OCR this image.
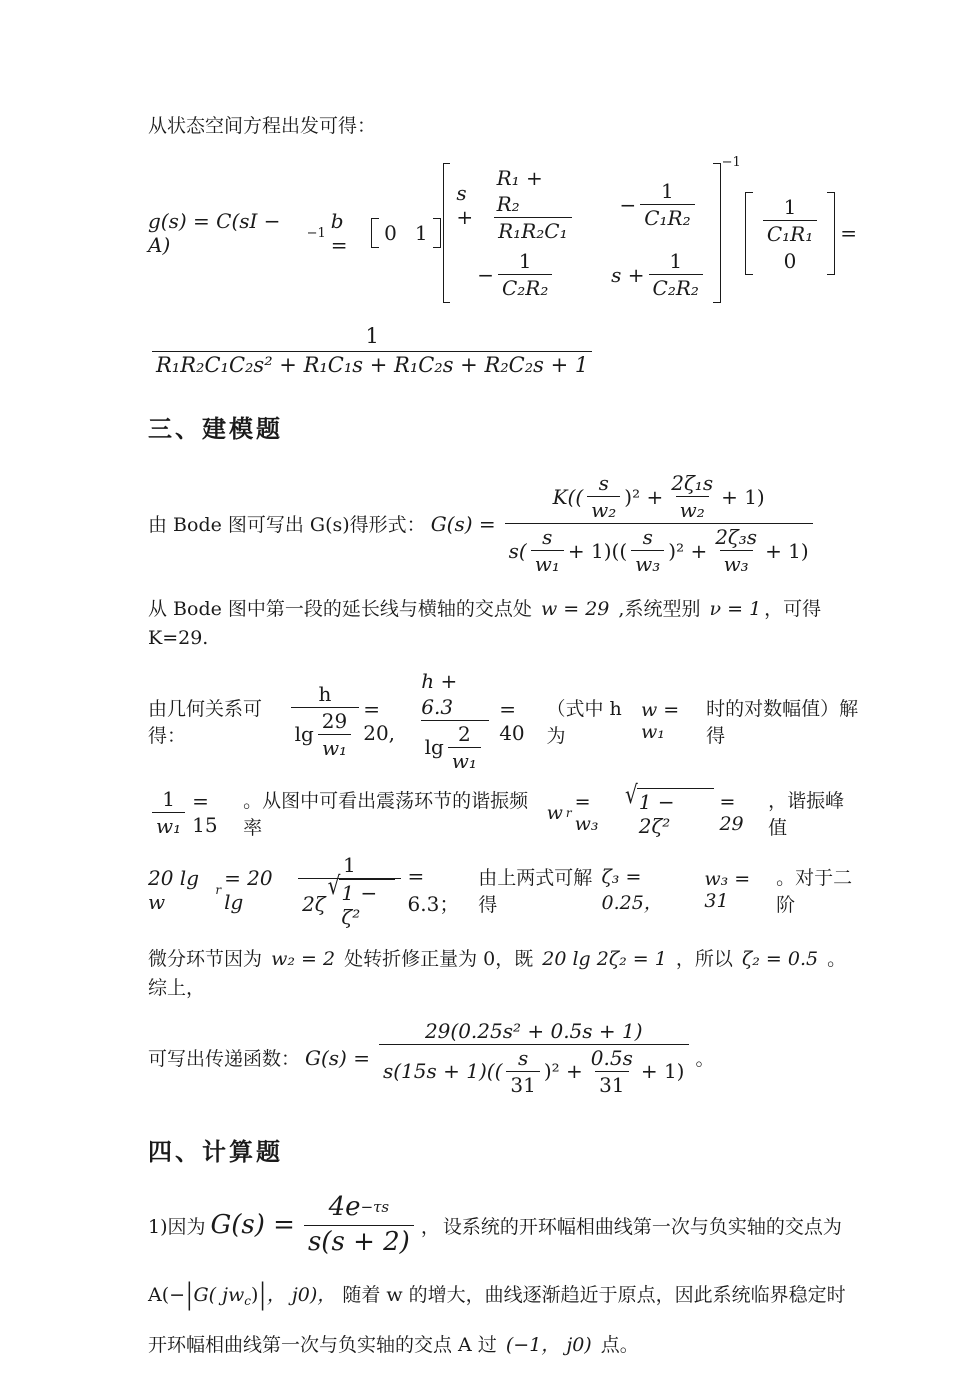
从状态空间方程出发可得：

g(s) = C(sI − A)	−1 b =	0 1
$s + \frac{\text{R₁ + R₂}}{\text{R₁R₂C₁}} - \frac{1}{\text{C₁R₂}}$
− $\frac{1}{\text{C₂R₂}}$	$s + \frac{1}{\text{C₂R₂}}$
−1
$\frac{1}{\text{C₁R₁}}$
0
=
$\frac{1}{\text{R₁R₂C₁C₂s² + R₁C₁s + R₁C₂s + R₂C₂s + 1}}$
三、建模题
由 Bode 图可写出 G(s)得形式： G(s) =
$K(( \frac{s}{\text{w₂}} )^2 + \frac{\text{2ζ₁s}}{\text{w₂}} + 1)$
$s( \frac{s}{\text{w₁}} + 1)(( \frac{s}{\text{w₃}} )^2 + \frac{\text{2ζ₃s}}{\text{w₃}} + 1)$

从 Bode 图中第一段的延长线与横轴的交点处 w = 29 ,系统型别 ν = 1 ，可得 K=29.

由几何关系可得：	$\frac{h}{\lg \frac{29}{\text{w₁}}} = 20$,	$\frac{h + 6.3}{\lg \frac{2}{\text{w₁}}} = 40$
（式中 h 为
w = w₁
时的对数幅值）解得
$\frac{1}{\text{w₁}} = 15$
。从图中可看出震荡环节的谐振频率
w r = w₃
√ 1 − 2ζ²
= 29
，谐振峰值
20 lg w	r = 20 lg	1
2ζ
√ 1 − ζ² = 6.3；
由上两式可解得
ζ₃ = 0.25，
w₃ = 31
。对于二阶

微分环节因为 w₂ = 2 处转折修正量为 0，既 20 lg 2ζ₂ = 1 ，所以 ζ₂ = 0.5 。综上，

可写出传递函数： G(s) =
29(0.25s² + 0.5s + 1)
$s(15s + 1)(( \frac{s}{31} )^2 + \frac{0.5s}{31} + 1)$ 。
四、计算题
1)因为 $G(s) = \frac{4e -\tau s}{s(s + 2)}$ ， 设系统的开环幅相曲线第一次与负实轴的交点为

A(−|G( $jw_c)|$， j0)， 随着 w 的增大，曲线逐渐趋近于原点，因此系统临界稳定时

开环幅相曲线第一次与负实轴的交点 A 过 (−1， j0) 点。
